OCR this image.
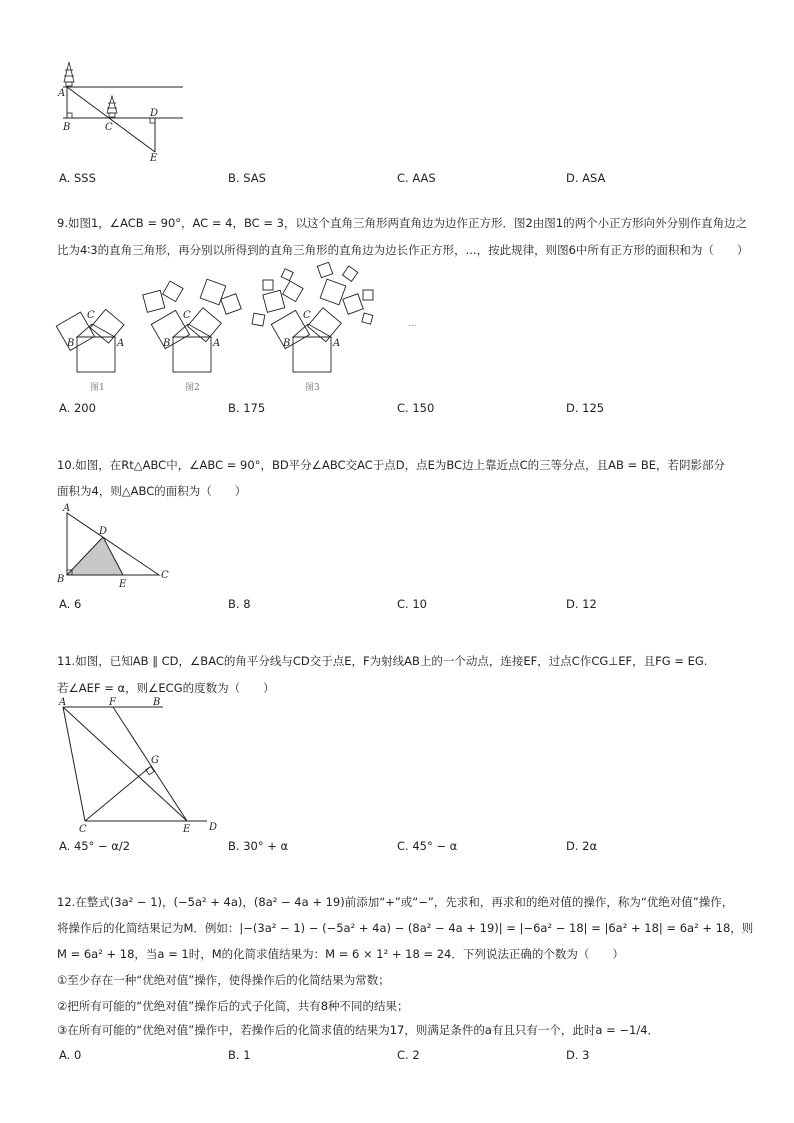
A
B	C
D
E
A. SSS	B. SAS	C. AAS	D. ASA
9.如图1，∠ACB = 90°，AC = 4，BC = 3，以这个直角三角形两直角边为边作正方形．图2由图1的两个小正方形向外分别作直角边之
比为4∶3的直角三角形，再分别以所得到的直角三角形的直角边为边长作正方形，...，按此规律，则图6中所有正方形的面积和为（　　）
B	A
C
B	A
C
B	A
C
图1	图2	图3
...
A. 200	B. 175	C. 150	D. 125
10.如图，在Rt△ABC中，∠ABC = 90°，BD平分∠ABC交AC于点D，点E为BC边上靠近点C的三等分点，且AB = BE，若阴影部分
面积为4，则△ABC的面积为（　　）
A
B	C
D
E
A. 6	B. 8	C. 10	D. 12
11.如图，已知AB ∥ CD，∠BAC的角平分线与CD交于点E，F为射线AB上的一个动点，连接EF，过点C作CG⊥EF，且FG = EG.
若∠AEF = α，则∠ECG的度数为（　　）
A	F	B
G
C	E D
A. 45° − α/2	B. 30° + α	C. 45° − α	D. 2α
12.在整式(3a² − 1)，(−5a² + 4a)，(8a² − 4a + 19)前添加“+”或“−”，先求和，再求和的绝对值的操作，称为“优绝对值”操作，
将操作后的化简结果记为M．例如：|−(3a² − 1) − (−5a² + 4a) − (8a² − 4a + 19)| = |−6a² − 18| = |6a² + 18| = 6a² + 18，则
M = 6a² + 18，当a = 1时，M的化简求值结果为：M = 6 × 1² + 18 = 24．下列说法正确的个数为（　　）
①至少存在一种“优绝对值”操作，使得操作后的化简结果为常数；
②把所有可能的“优绝对值”操作后的式子化简，共有8种不同的结果；
③在所有可能的“优绝对值”操作中，若操作后的化简求值的结果为17，则满足条件的a有且只有一个，此时a = −1/4．
A. 0	B. 1	C. 2	D. 3
